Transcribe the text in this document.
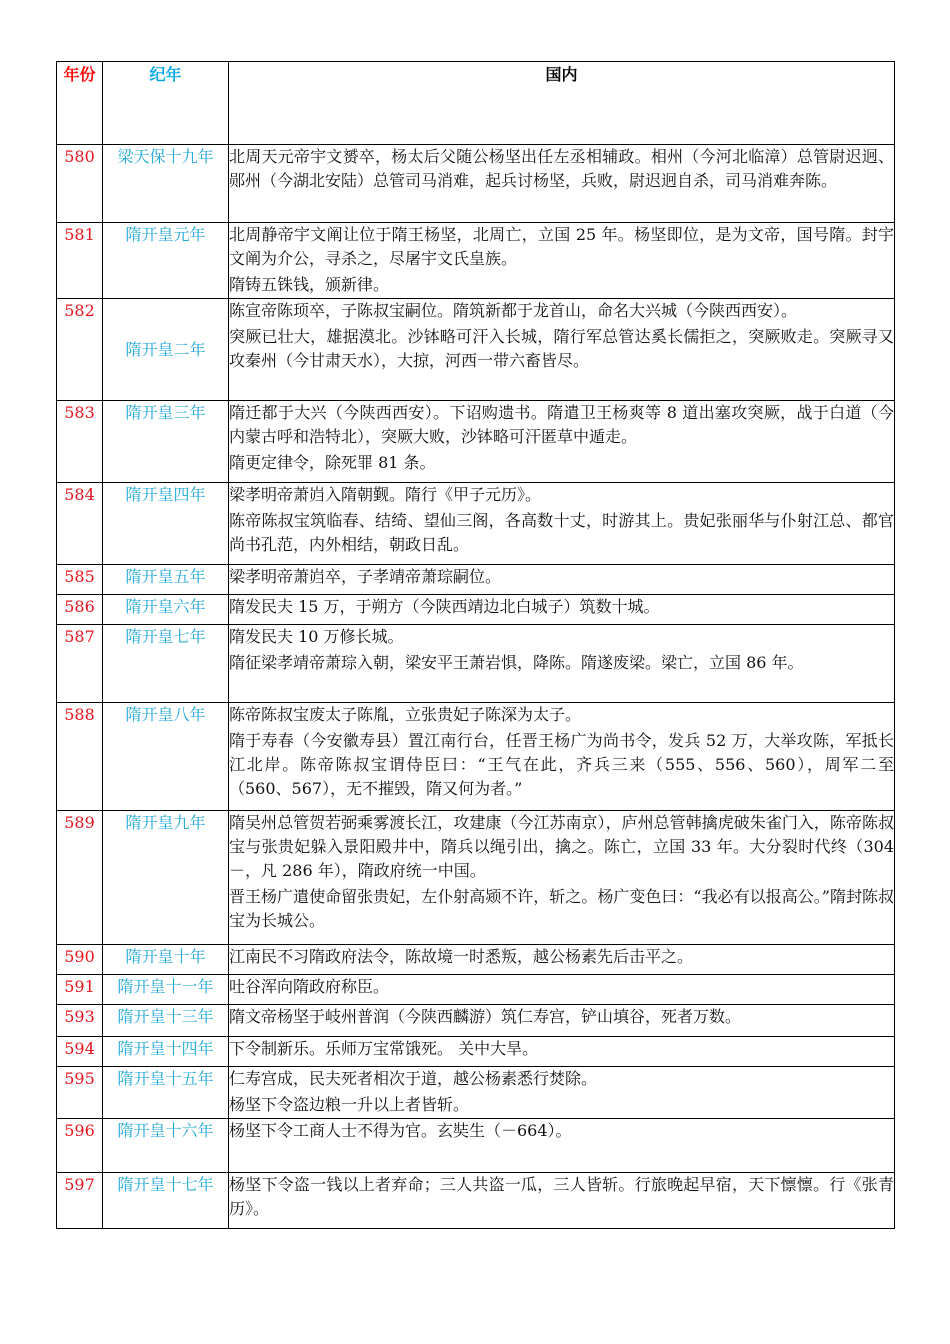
年份	纪年	国内
580	梁天保十九年	北周天元帝宇文赟卒，杨太后父随公杨坚出任左丞相辅政。相州（今河北临漳）总管尉迟迥、郧州（今湖北安陆）总管司马消难，起兵讨杨坚，兵败，尉迟迥自杀，司马消难奔陈。

581	隋开皇元年	北周静帝宇文阐让位于隋王杨坚，北周亡，立国 25 年。杨坚即位，是为文帝，国号隋。封宇文阐为介公，寻杀之，尽屠宇文氏皇族。

隋铸五铢钱，颁新律。

582	隋开皇二年	陈宣帝陈顼卒，子陈叔宝嗣位。隋筑新都于龙首山，命名大兴城（今陕西西安）。

突厥已壮大，雄据漠北。沙钵略可汗入长城，隋行军总管达奚长儒拒之，突厥败走。突厥寻又攻秦州（今甘肃天水），大掠，河西一带六畜皆尽。

583	隋开皇三年	隋迁都于大兴（今陕西西安）。下诏购遗书。隋遣卫王杨爽等 8 道出塞攻突厥，战于白道（今内蒙古呼和浩特北），突厥大败，沙钵略可汗匿草中遁走。

隋更定律令，除死罪 81 条。

584	隋开皇四年	梁孝明帝萧岿入隋朝觐。隋行《甲子元历》。

陈帝陈叔宝筑临春、结绮、望仙三阁，各高数十丈，时游其上。贵妃张丽华与仆射江总、都官尚书孔范，内外相结，朝政日乱。

585	隋开皇五年	梁孝明帝萧岿卒，子孝靖帝萧琮嗣位。

586	隋开皇六年	隋发民夫 15 万，于朔方（今陕西靖边北白城子）筑数十城。

587	隋开皇七年	隋发民夫 10 万修长城。

隋征梁孝靖帝萧琮入朝，梁安平王萧岩惧，降陈。隋遂废梁。梁亡，立国 86 年。

588	隋开皇八年	陈帝陈叔宝废太子陈胤，立张贵妃子陈深为太子。

隋于寿春（今安徽寿县）置江南行台，任晋王杨广为尚书令，发兵 52 万，大举攻陈，军抵长江北岸。陈帝陈叔宝谓侍臣曰：“王气在此，齐兵三来（555、556、560），周军二至（560、567），无不摧毁，隋又何为者。”

589	隋开皇九年	隋吴州总管贺若弼乘雾渡长江，攻建康（今江苏南京），庐州总管韩擒虎破朱雀门入，陈帝陈叔宝与张贵妃躲入景阳殿井中，隋兵以绳引出，擒之。陈亡，立国 33 年。大分裂时代终（304－，凡 286 年），隋政府统一中国。

晋王杨广遣使命留张贵妃，左仆射高颎不许，斩之。杨广变色曰：“我必有以报高公。”隋封陈叔宝为长城公。

590	隋开皇十年	江南民不习隋政府法令，陈故境一时悉叛，越公杨素先后击平之。

591	隋开皇十一年	吐谷浑向隋政府称臣。

593	隋开皇十三年	隋文帝杨坚于岐州普润（今陕西麟游）筑仁寿宫，铲山填谷，死者万数。

594	隋开皇十四年	下令制新乐。乐师万宝常饿死。 关中大旱。

595	隋开皇十五年	仁寿宫成，民夫死者相次于道，越公杨素悉行焚除。

杨坚下令盗边粮一升以上者皆斩。

596	隋开皇十六年	杨坚下令工商人士不得为官。玄奘生（－664）。

597	隋开皇十七年	杨坚下令盗一钱以上者弃命；三人共盗一瓜，三人皆斩。行旅晚起早宿，天下懔懔。行《张青历》。
